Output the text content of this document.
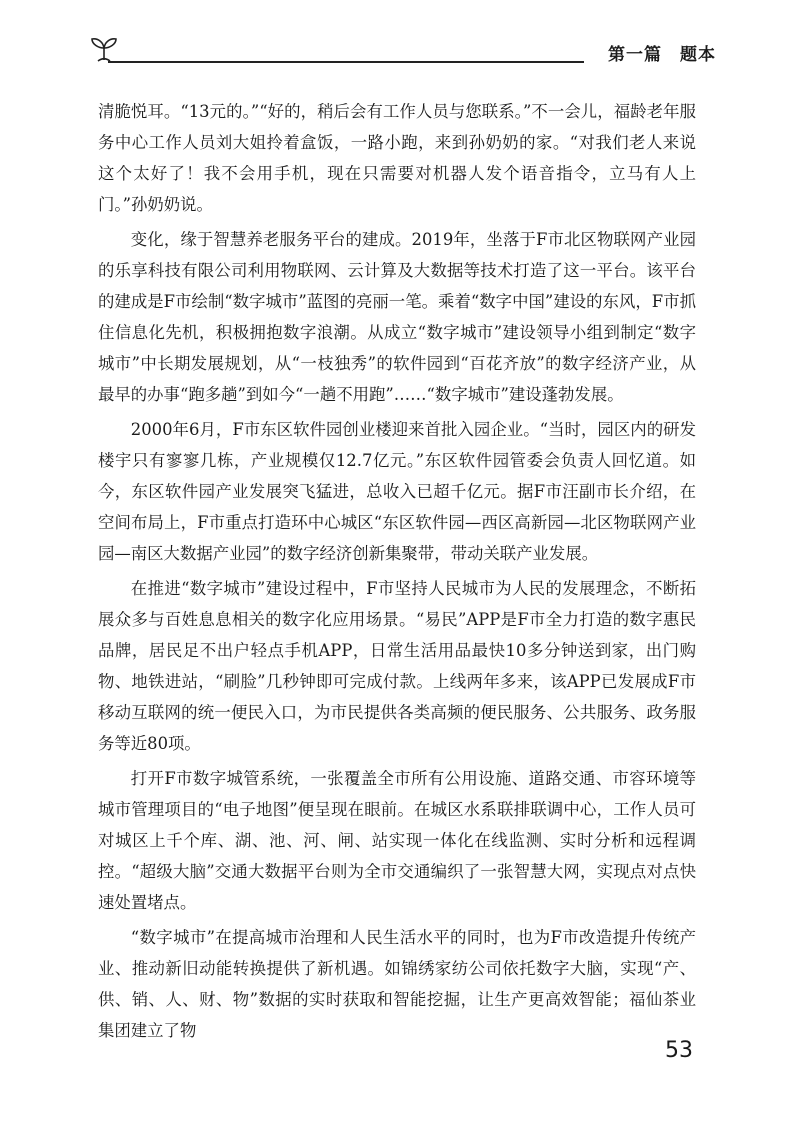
第一篇　题本

清脆悦耳。“13元的。”“好的，稍后会有工作人员与您联系。”不一会儿，福龄老年服务中心工作人员刘大姐拎着盒饭，一路小跑，来到孙奶奶的家。“对我们老人来说这个太好了！我不会用手机，现在只需要对机器人发个语音指令，立马有人上门。”孙奶奶说。

变化，缘于智慧养老服务平台的建成。2019年，坐落于F市北区物联网产业园的乐享科技有限公司利用物联网、云计算及大数据等技术打造了这一平台。该平台的建成是F市绘制“数字城市”蓝图的亮丽一笔。乘着“数字中国”建设的东风，F市抓住信息化先机，积极拥抱数字浪潮。从成立“数字城市”建设领导小组到制定“数字城市”中长期发展规划，从“一枝独秀”的软件园到“百花齐放”的数字经济产业，从最早的办事“跑多趟”到如今“一趟不用跑”……“数字城市”建设蓬勃发展。

2000年6月，F市东区软件园创业楼迎来首批入园企业。“当时，园区内的研发楼宇只有寥寥几栋，产业规模仅12.7亿元。”东区软件园管委会负责人回忆道。如今，东区软件园产业发展突飞猛进，总收入已超千亿元。据F市汪副市长介绍，在空间布局上，F市重点打造环中心城区“东区软件园—西区高新园—北区物联网产业园—南区大数据产业园”的数字经济创新集聚带，带动关联产业发展。

在推进“数字城市”建设过程中，F市坚持人民城市为人民的发展理念，不断拓展众多与百姓息息相关的数字化应用场景。“易民”APP是F市全力打造的数字惠民品牌，居民足不出户轻点手机APP，日常生活用品最快10多分钟送到家，出门购物、地铁进站，“刷脸”几秒钟即可完成付款。上线两年多来，该APP已发展成F市移动互联网的统一便民入口，为市民提供各类高频的便民服务、公共服务、政务服务等近80项。

打开F市数字城管系统，一张覆盖全市所有公用设施、道路交通、市容环境等城市管理项目的“电子地图”便呈现在眼前。在城区水系联排联调中心，工作人员可对城区上千个库、湖、池、河、闸、站实现一体化在线监测、实时分析和远程调控。“超级大脑”交通大数据平台则为全市交通编织了一张智慧大网，实现点对点快速处置堵点。

“数字城市”在提高城市治理和人民生活水平的同时，也为F市改造提升传统产业、推动新旧动能转换提供了新机遇。如锦绣家纺公司依托数字大脑，实现“产、供、销、人、财、物”数据的实时获取和智能挖掘，让生产更高效智能；福仙茶业集团建立了物

53
